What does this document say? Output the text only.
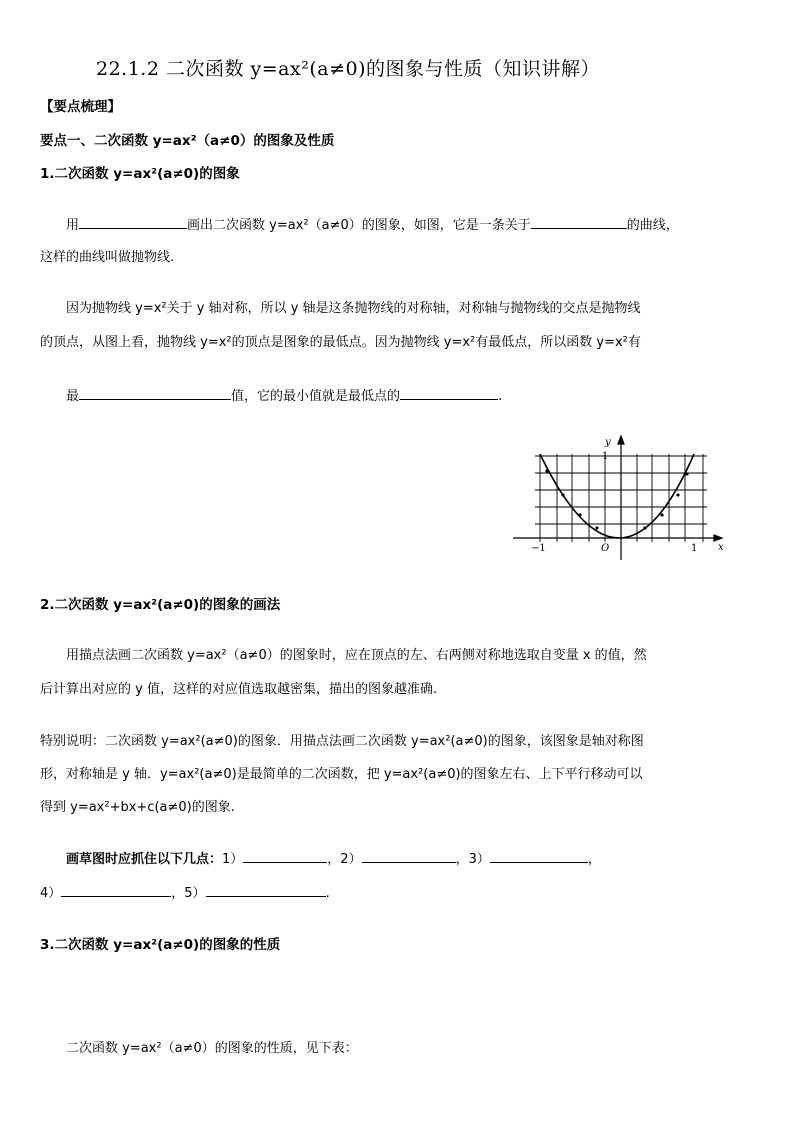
22.1.2 二次函数 y=ax²(a≠0)的图象与性质（知识讲解）
【要点梳理】
要点一、二次函数 y=ax²（a≠0）的图象及性质
1.二次函数 y=ax²(a≠0)的图象
用	画出二次函数 y=ax²（a≠0）的图象，如图，它是一条关于	的曲线，
这样的曲线叫做抛物线.
因为抛物线 y=x²关于 y 轴对称，所以 y 轴是这条抛物线的对称轴，对称轴与抛物线的交点是抛物线
的顶点，从图上看，抛物线 y=x²的顶点是图象的最低点。因为抛物线 y=x²有最低点，所以函数 y=x²有
最	值，它的最小值就是最低点的	.
y
1
x
−1	O	1
2.二次函数 y=ax²(a≠0)的图象的画法
用描点法画二次函数 y=ax²（a≠0）的图象时，应在顶点的左、右两侧对称地选取自变量 x 的值，然
后计算出对应的 y 值，这样的对应值选取越密集，描出的图象越准确.
特别说明：二次函数 y=ax²(a≠0)的图象．用描点法画二次函数 y=ax²(a≠0)的图象，该图象是轴对称图
形，对称轴是 y 轴．y=ax²(a≠0)是最简单的二次函数，把 y=ax²(a≠0)的图象左右、上下平行移动可以
得到 y=ax²+bx+c(a≠0)的图象.
画草图时应抓住以下几点：1）	，2）	，3）	，
4）	，5）	.
3.二次函数 y=ax²(a≠0)的图象的性质
二次函数 y=ax²（a≠0）的图象的性质，见下表：
